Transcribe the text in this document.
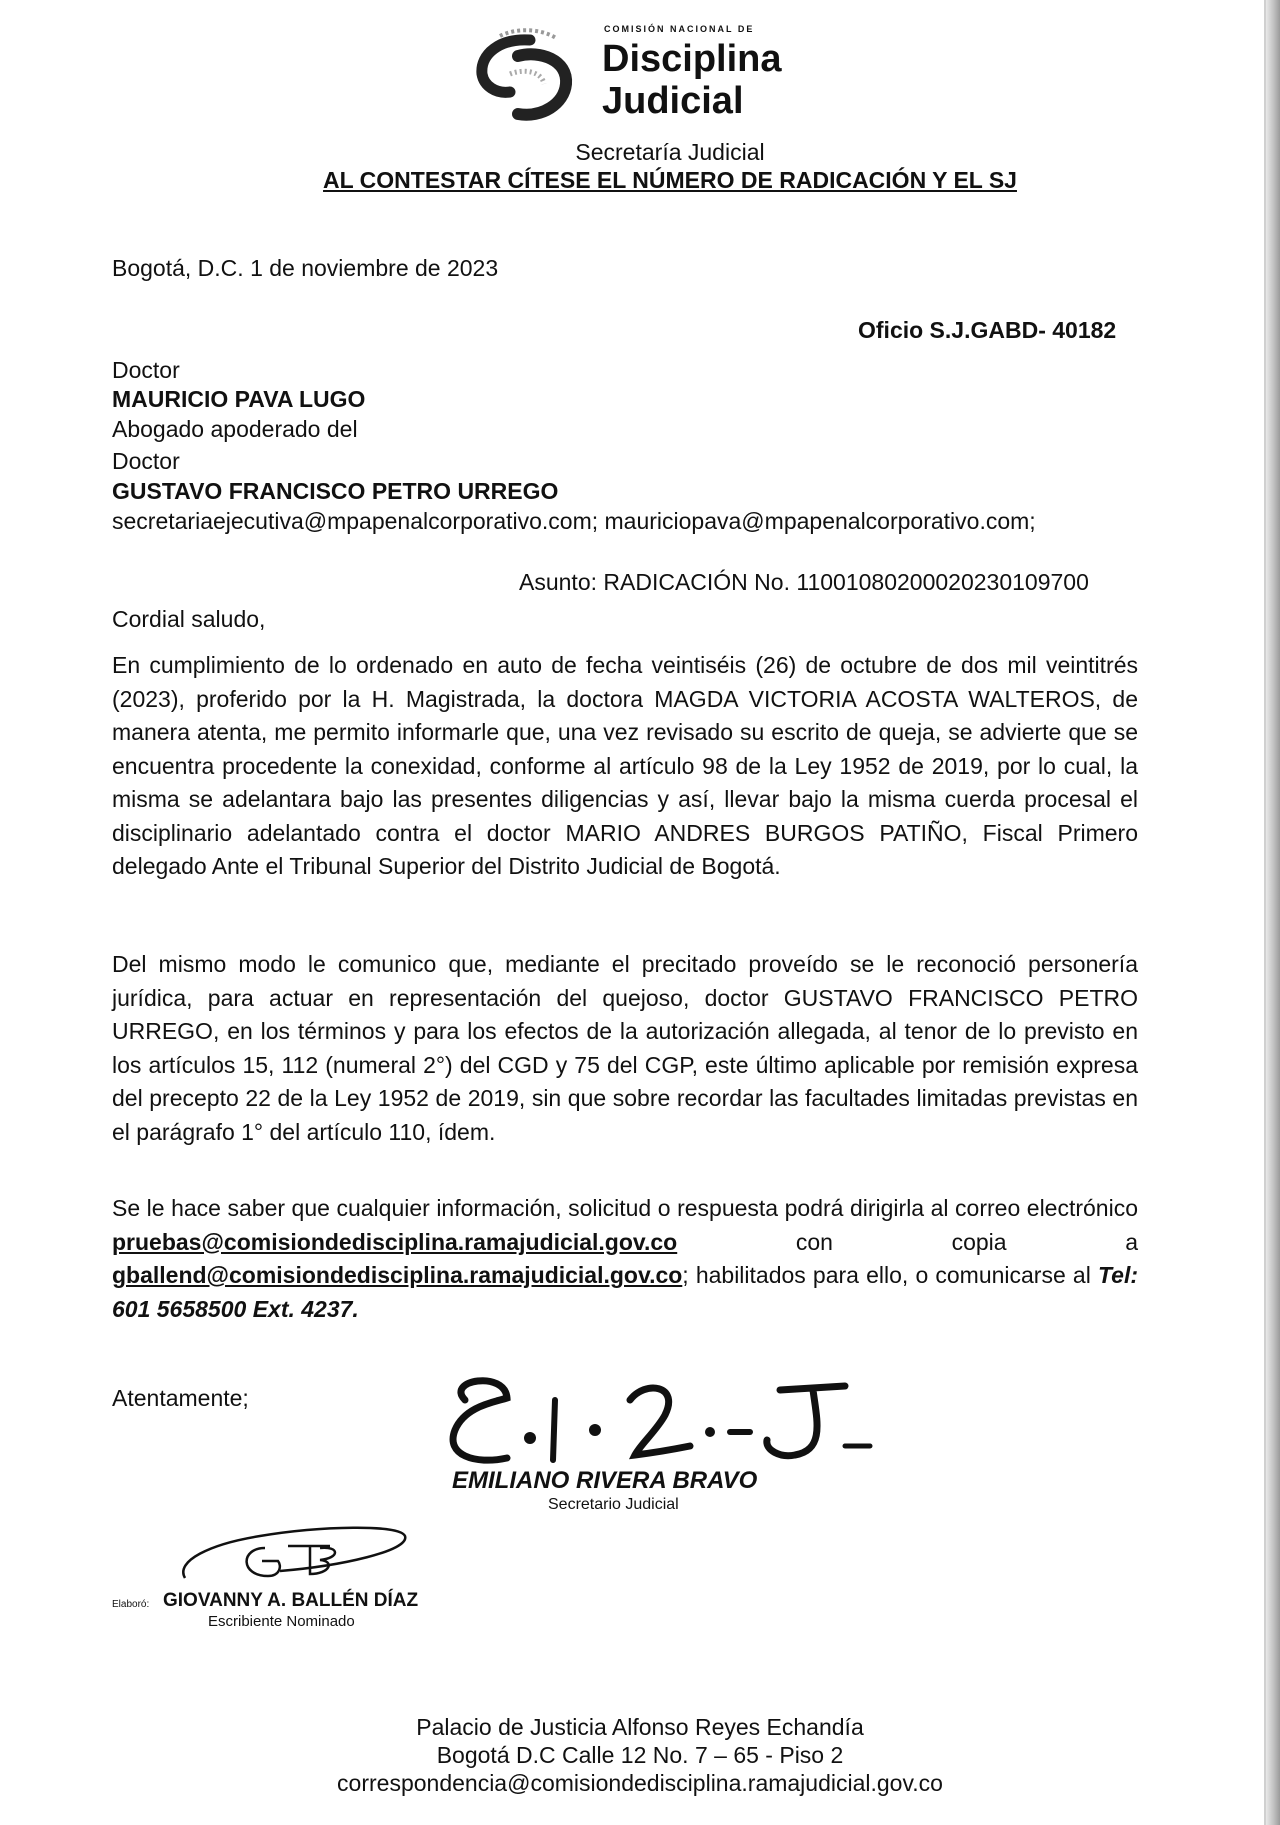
COMISIÓN NACIONAL DE
Disciplina
Judicial
Secretaría Judicial
AL CONTESTAR CÍTESE EL NÚMERO DE RADICACIÓN Y EL SJ
Bogotá, D.C. 1 de noviembre de 2023
Oficio S.J.GABD- 40182
Doctor
MAURICIO PAVA LUGO
Abogado apoderado del
Doctor
GUSTAVO FRANCISCO PETRO URREGO
secretariaejecutiva@mpapenalcorporativo.com; mauriciopava@mpapenalcorporativo.com;
Asunto: RADICACIÓN No. 11001080200020230109700
Cordial saludo,
En cumplimiento de lo ordenado en auto de fecha veintiséis (26) de octubre de dos mil veintitrés (2023), proferido por la H. Magistrada, la doctora MAGDA VICTORIA ACOSTA WALTEROS, de manera atenta, me permito informarle que, una vez revisado su escrito de queja, se advierte que se encuentra procedente la conexidad, conforme al artículo 98 de la Ley 1952 de 2019, por lo cual, la misma se adelantara bajo las presentes diligencias y así, llevar bajo la misma cuerda procesal el disciplinario adelantado contra el doctor MARIO ANDRES BURGOS PATIÑO, Fiscal Primero delegado Ante el Tribunal Superior del Distrito Judicial de Bogotá.
Del mismo modo le comunico que, mediante el precitado proveído se le reconoció personería jurídica, para actuar en representación del quejoso, doctor GUSTAVO FRANCISCO PETRO URREGO, en los términos y para los efectos de la autorización allegada, al tenor de lo previsto en los artículos 15, 112 (numeral 2°) del CGD y 75 del CGP, este último aplicable por remisión expresa del precepto 22 de la Ley 1952 de 2019, sin que sobre recordar las facultades limitadas previstas en el parágrafo 1° del artículo 110, ídem.
Se le hace saber que cualquier información, solicitud o respuesta podrá dirigirla al correo electrónico pruebas@comisiondedisciplina.ramajudicial.gov.co	con copia a gballend@comisiondedisciplina.ramajudicial.gov.co; habilitados para ello, o comunicarse al Tel: 601 5658500 Ext. 4237.
Atentamente;
EMILIANO RIVERA BRAVO
Secretario Judicial
Elaboró: GIOVANNY A. BALLÉN DÍAZ
Escribiente Nominado
Palacio de Justicia Alfonso Reyes Echandía
Bogotá D.C Calle 12 No. 7 – 65 - Piso 2
correspondencia@comisiondedisciplina.ramajudicial.gov.co
